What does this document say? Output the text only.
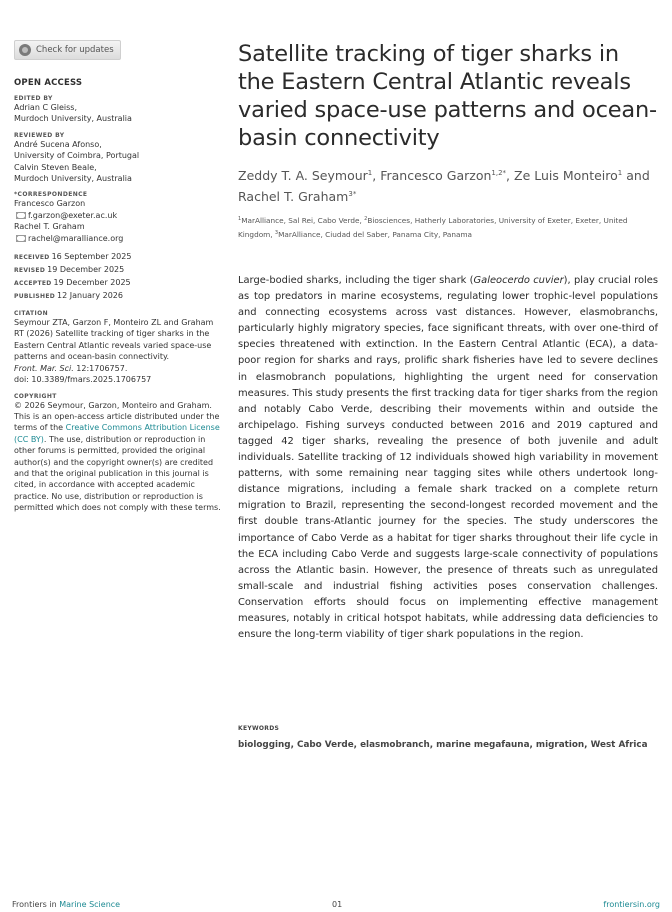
Check for updates
OPEN ACCESS
EDITED BY
Adrian C Gleiss,
Murdoch University, Australia
REVIEWED BY
André Sucena Afonso,
University of Coimbra, Portugal
Calvin Steven Beale,
Murdoch University, Australia
*CORRESPONDENCE
Francesco Garzon
f.garzon@exeter.ac.uk
Rachel T. Graham
rachel@maralliance.org
RECEIVED 16 September 2025
REVISED 19 December 2025
ACCEPTED 19 December 2025
PUBLISHED 12 January 2026
CITATION
Seymour ZTA, Garzon F, Monteiro ZL and Graham RT (2026) Satellite tracking of tiger sharks in the Eastern Central Atlantic reveals varied space-use patterns and ocean-basin connectivity.
Front. Mar. Sci. 12:1706757.
doi: 10.3389/fmars.2025.1706757
COPYRIGHT
© 2026 Seymour, Garzon, Monteiro and Graham. This is an open-access article distributed under the terms of the Creative Commons Attribution License (CC BY). The use, distribution or reproduction in other forums is permitted, provided the original author(s) and the copyright owner(s) are credited and that the original publication in this journal is cited, in accordance with accepted academic practice. No use, distribution or reproduction is permitted which does not comply with these terms.
Satellite tracking of tiger sharks in the Eastern Central Atlantic reveals varied space-use patterns and ocean-basin connectivity
Zeddy T. A. Seymour$^1$, Francesco Garzon$^{1,2*}$, Ze Luis Monteiro$^1$ and Rachel T. Graham$^{3*}$
$^1$MarAlliance, Sal Rei, Cabo Verde, $^2$Biosciences, Hatherly Laboratories, University of Exeter, Exeter, United Kingdom, $^3$MarAlliance, Ciudad del Saber, Panama City, Panama

Large-bodied sharks, including the tiger shark (Galeocerdo cuvier), play crucial roles as top predators in marine ecosystems, regulating lower trophic-level populations and connecting ecosystems across vast distances. However, elasmobranchs, particularly highly migratory species, face significant threats, with over one-third of species threatened with extinction. In the Eastern Central Atlantic (ECA), a data-poor region for sharks and rays, prolific shark fisheries have led to severe declines in elasmobranch populations, highlighting the urgent need for conservation measures. This study presents the first tracking data for tiger sharks from the region and notably Cabo Verde, describing their movements within and outside the archipelago. Fishing surveys conducted between 2016 and 2019 captured and tagged 42 tiger sharks, revealing the presence of both juvenile and adult individuals. Satellite tracking of 12 individuals showed high variability in movement patterns, with some remaining near tagging sites while others undertook long-distance migrations, including a female shark tracked on a complete return migration to Brazil, representing the second-longest recorded movement and the first double trans-Atlantic journey for the species. The study underscores the importance of Cabo Verde as a habitat for tiger sharks throughout their life cycle in the ECA including Cabo Verde and suggests large-scale connectivity of populations across the Atlantic basin. However, the presence of threats such as unregulated small-scale and industrial fishing activities poses conservation challenges. Conservation efforts should focus on implementing effective management measures, notably in critical hotspot habitats, while addressing data deficiencies to ensure the long-term viability of tiger shark populations in the region.

KEYWORDS
biologging, Cabo Verde, elasmobranch, marine megafauna, migration, West Africa
Frontiers in Marine Science	01	frontiersin.org
